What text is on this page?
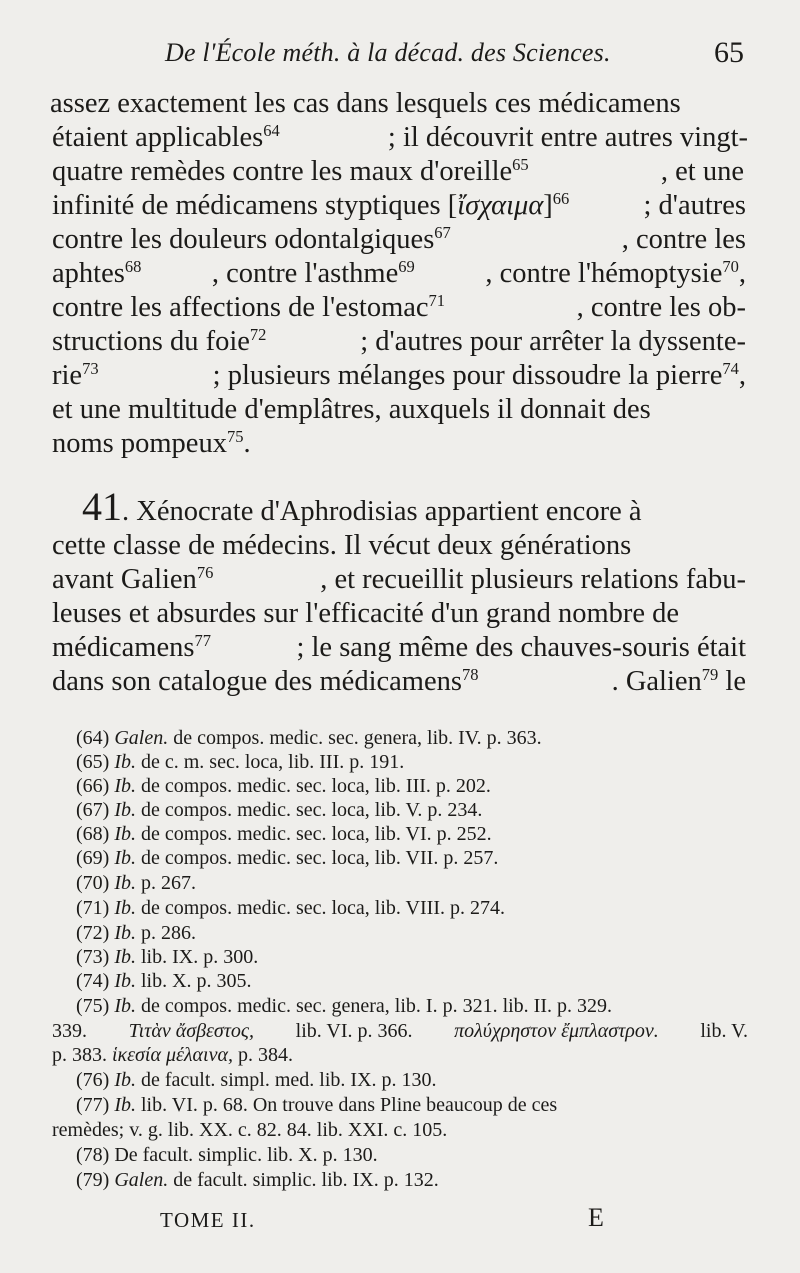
De l'École méth. à la décad. des Sciences.	65
assez exactement les cas dans lesquels ces médicamens
étaient applicables$^{64}$	; il découvrit entre autres vingt-
quatre remèdes contre les maux d'oreille$^{65}$	, et une
infinité de médicamens styptiques [ἴσχαιμα]$^{66}$	; d'autres
contre les douleurs odontalgiques$^{67}$	, contre les
aphtes$^{68}$ , contre l'asthme$^{69}$ , contre l'hémoptysie$^{70}$,
contre les affections de l'estomac$^{71}$	, contre les ob-
structions du foie$^{72}$	; d'autres pour arrêter la dyssente-
rie$^{73}$	; plusieurs mélanges pour dissoudre la pierre$^{74}$,
et une multitude d'emplâtres, auxquels il donnait des
noms pompeux$^{75}$.
41. Xénocrate d'Aphrodisias appartient encore à
cette classe de médecins. Il vécut deux générations
avant Galien$^{76}$	, et recueillit plusieurs relations fabu-
leuses et absurdes sur l'efficacité d'un grand nombre de
médicamens$^{77}$	; le sang même des chauves-souris était
dans son catalogue des médicamens$^{78}$	. Galien$^{79}$ le
(64) Galen. de compos. medic. sec. genera, lib. IV. p. 363.
(65) Ib. de c. m. sec. loca, lib. III. p. 191.
(66) Ib. de compos. medic. sec. loca, lib. III. p. 202.
(67) Ib. de compos. medic. sec. loca, lib. V. p. 234.
(68) Ib. de compos. medic. sec. loca, lib. VI. p. 252.
(69) Ib. de compos. medic. sec. loca, lib. VII. p. 257.
(70) Ib. p. 267.
(71) Ib. de compos. medic. sec. loca, lib. VIII. p. 274.
(72) Ib. p. 286.
(73) Ib. lib. IX. p. 300.
(74) Ib. lib. X. p. 305.
(75) Ib. de compos. medic. sec. genera, lib. I. p. 321. lib. II. p. 329.
339. Τιτὰν ἄσβεστος, lib. VI. p. 366. πολύχρηστον ἔμπλαστρον. lib. V.
p. 383. ἱκεσία μέλαινα, p. 384.
(76) Ib. de facult. simpl. med. lib. IX. p. 130.
(77) Ib. lib. VI. p. 68. On trouve dans Pline beaucoup de ces
remèdes; v. g. lib. XX. c. 82. 84. lib. XXI. c. 105.
(78) De facult. simplic. lib. X. p. 130.
(79) Galen. de facult. simplic. lib. IX. p. 132.
TOME II.	E
